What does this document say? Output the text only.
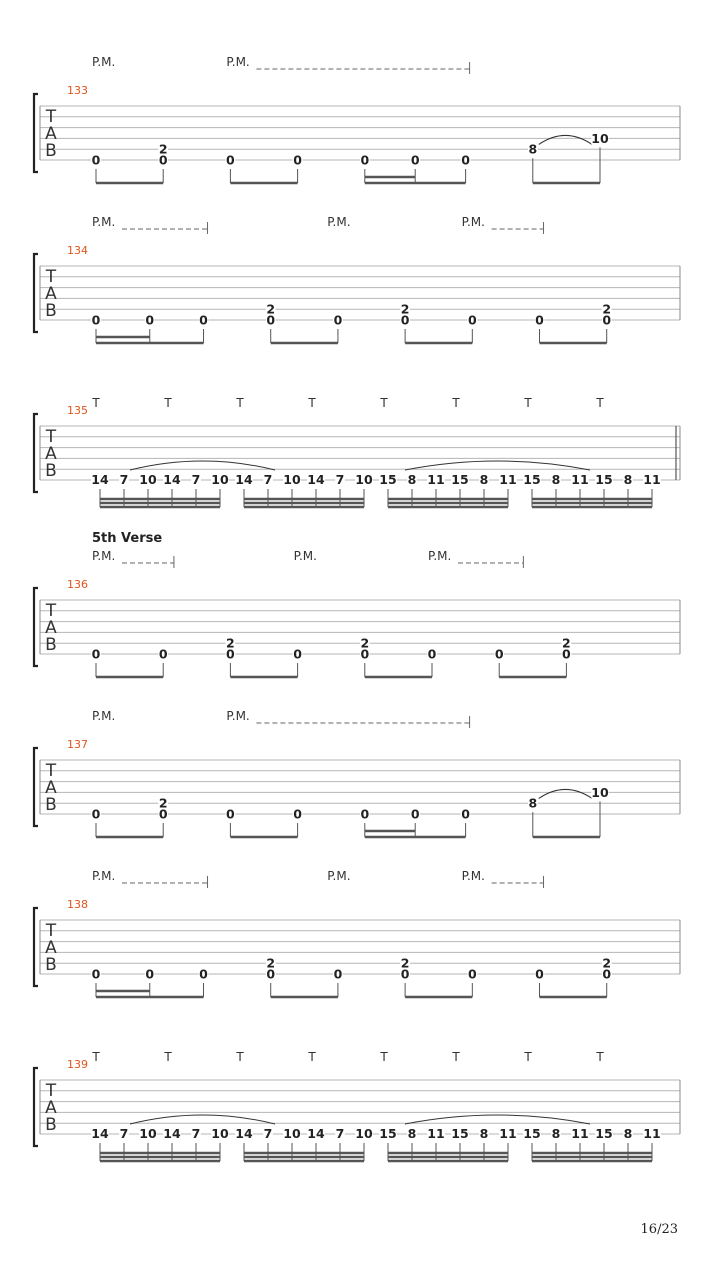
T
A
B
133
P.M.	P.M.
0	0
2
0	0	0	0	0
8
10
T
A
B
134
P.M.	P.M.	P.M.
0	0	0	0
2
0	0
2
0	0	0
2
T
A
B
135
T	T	T	T	T	T	T	T
14 7 10 14 7 10 14 7 10 14 7 10 15 8 11 15 8 11 15 8 11 15 8 11
T
A
B
136
5th Verse
P.M.	P.M.	P.M.
0	0	0
2
0	0
2
0	0	0
2
T
A
B
137
P.M.	P.M.
0	0
2
0	0	0	0	0
8
10
T
A
B
138
P.M.	P.M.	P.M.
0	0	0	0
2
0	0
2
0	0	0
2
T
A
B
139
T	T	T	T	T	T	T	T
14 7 10 14 7 10 14 7 10 14 7 10 15 8 11 15 8 11 15 8 11 15 8 11
16/23
